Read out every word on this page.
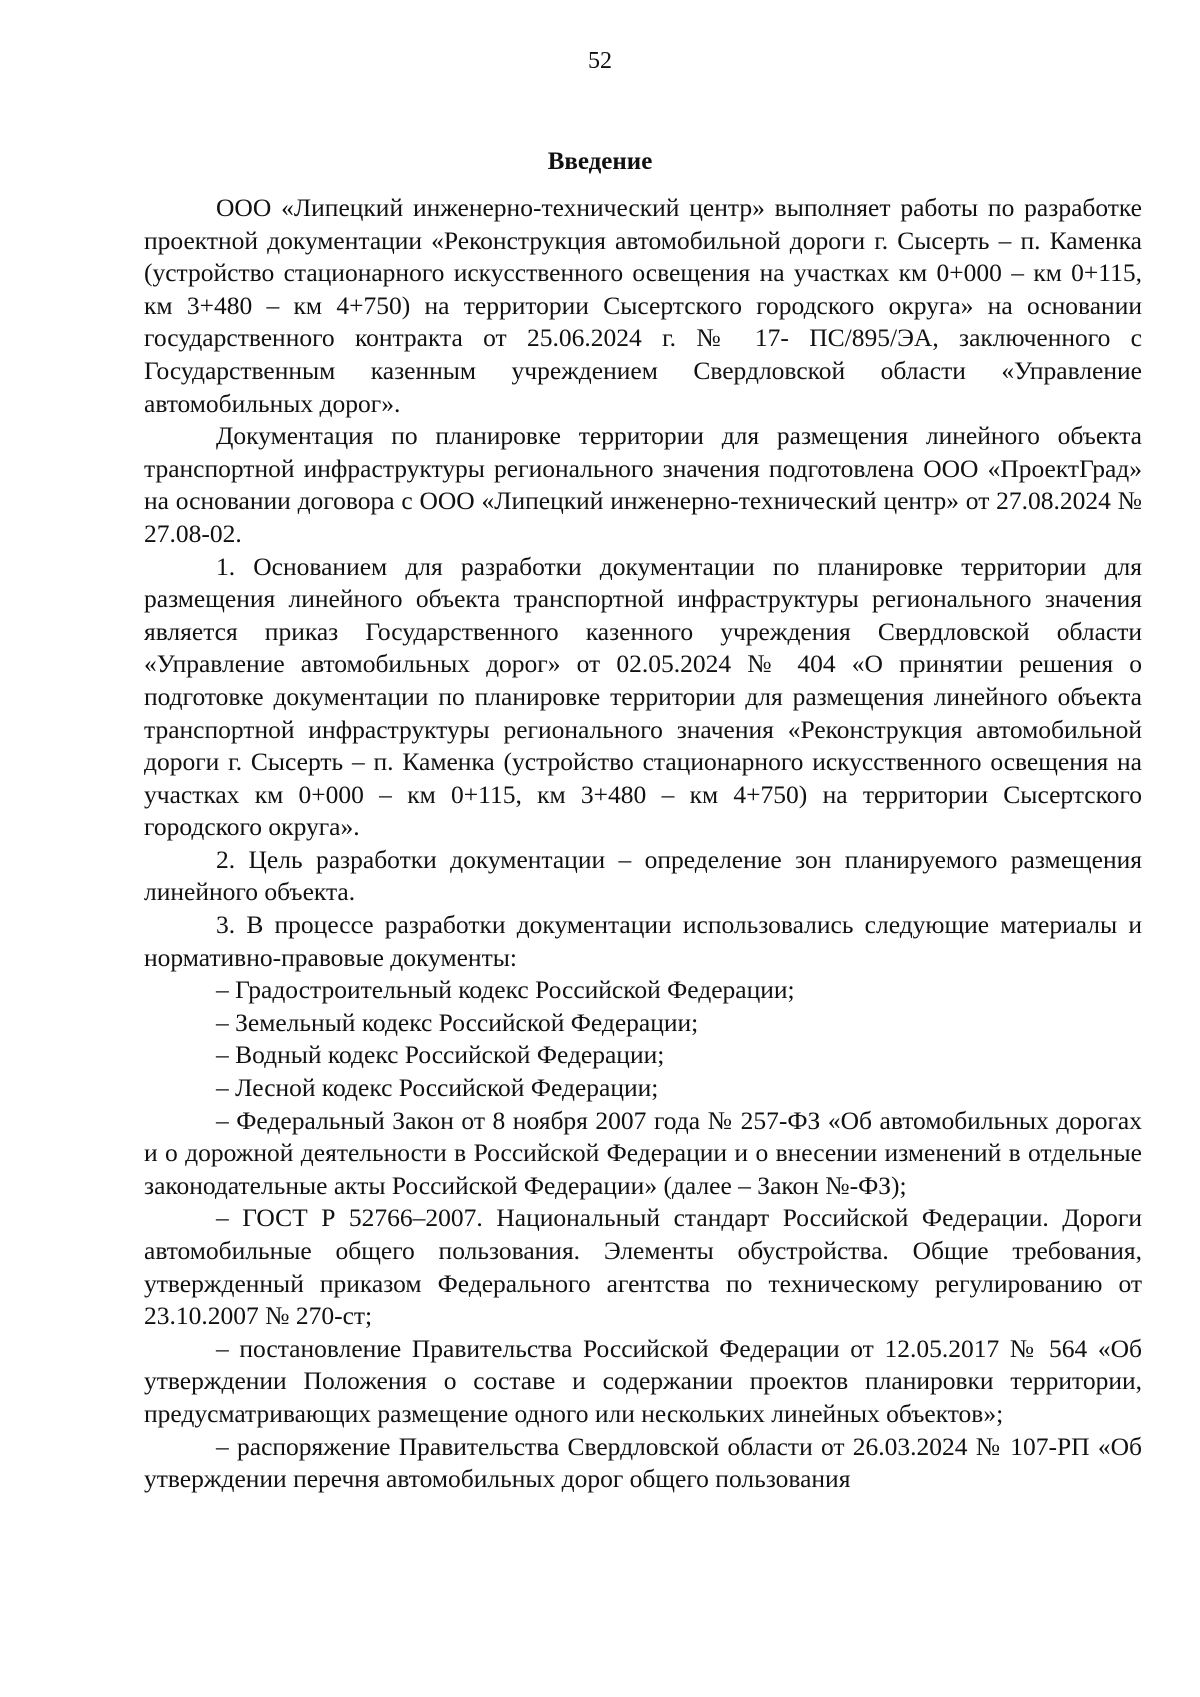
52
Введение

ООО «Липецкий инженерно-технический центр» выполняет работы по разработке проектной документации «Реконструкция автомобильной дороги г. Сысерть – п. Каменка (устройство стационарного искусственного освещения на участках км 0+000 – км 0+115, км 3+480 – км 4+750) на территории Сысертского городского округа» на основании государственного контракта от 25.06.2024 г. № 17- ПС/895/ЭА, заключенного с Государственным казенным учреждением Свердловской области «Управление автомобильных дорог».

Документация по планировке территории для размещения линейного объекта транспортной инфраструктуры регионального значения подготовлена ООО «ПроектГрад» на основании договора с ООО «Липецкий инженерно-технический центр» от 27.08.2024 № 27.08-02.

1. Основанием для разработки документации по планировке территории для размещения линейного объекта транспортной инфраструктуры регионального значения является приказ Государственного казенного учреждения Свердловской области «Управление автомобильных дорог» от 02.05.2024 № 404 «О принятии решения о подготовке документации по планировке территории для размещения линейного объекта транспортной инфраструктуры регионального значения «Реконструкция автомобильной дороги г. Сысерть – п. Каменка (устройство стационарного искусственного освещения на участках км 0+000 – км 0+115, км 3+480 – км 4+750) на территории Сысертского городского округа».

2. Цель разработки документации – определение зон планируемого размещения линейного объекта.

3. В процессе разработки документации использовались следующие материалы и нормативно-правовые документы:

– Градостроительный кодекс Российской Федерации;

– Земельный кодекс Российской Федерации;

– Водный кодекс Российской Федерации;

– Лесной кодекс Российской Федерации;

– Федеральный Закон от 8 ноября 2007 года № 257-ФЗ «Об автомобильных дорогах и о дорожной деятельности в Российской Федерации и о внесении изменений в отдельные законодательные акты Российской Федерации» (далее – Закон №-ФЗ);

– ГОСТ Р 52766–2007. Национальный стандарт Российской Федерации. Дороги автомобильные общего пользования. Элементы обустройства. Общие требования, утвержденный приказом Федерального агентства по техническому регулированию от 23.10.2007 № 270-ст;

– постановление Правительства Российской Федерации от 12.05.2017 № 564 «Об утверждении Положения о составе и содержании проектов планировки территории, предусматривающих размещение одного или нескольких линейных объектов»;

– распоряжение Правительства Свердловской области от 26.03.2024 № 107-РП «Об утверждении перечня автомобильных дорог общего пользования
